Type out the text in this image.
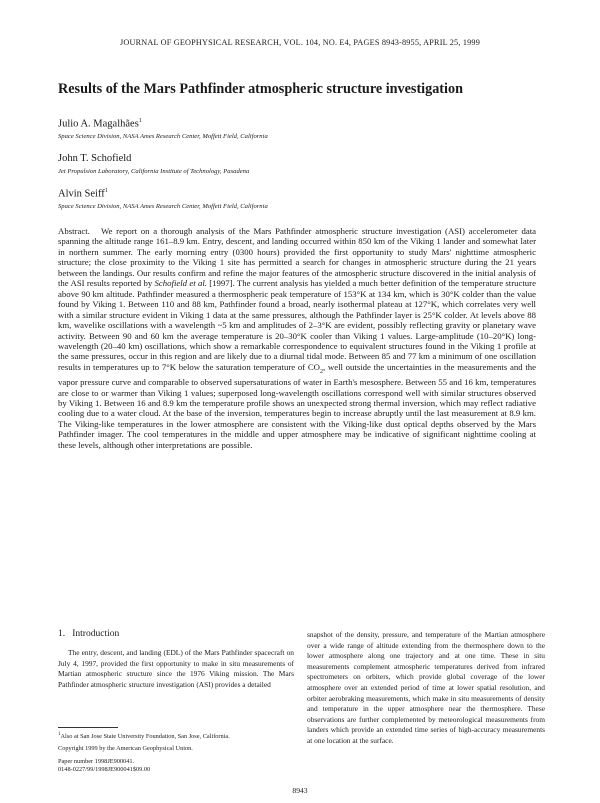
JOURNAL OF GEOPHYSICAL RESEARCH, VOL. 104, NO. E4, PAGES 8943-8955, APRIL 25, 1999
Results of the Mars Pathfinder atmospheric structure investigation
Julio A. Magalhães$^1$
Space Science Division, NASA Ames Research Center, Moffett Field, California
John T. Schofield
Jet Propulsion Laboratory, California Institute of Technology, Pasadena
Alvin Seiff$^1$
Space Science Division, NASA Ames Research Center, Moffett Field, California

Abstract. We report on a thorough analysis of the Mars Pathfinder atmospheric structure investigation (ASI) accelerometer data spanning the altitude range 161–8.9 km. Entry, descent, and landing occurred within 850 km of the Viking 1 lander and somewhat later in northern summer. The early morning entry (0300 hours) provided the first opportunity to study Mars' nighttime atmospheric structure; the close proximity to the Viking 1 site has permitted a search for changes in atmospheric structure during the 21 years between the landings. Our results confirm and refine the major features of the atmospheric structure discovered in the initial analysis of the ASI results reported by Schofield et al. [1997]. The current analysis has yielded a much better definition of the temperature structure above 90 km altitude. Pathfinder measured a thermospheric peak temperature of 153°K at 134 km, which is 30°K colder than the value found by Viking 1. Between 110 and 88 km, Pathfinder found a broad, nearly isothermal plateau at 127°K, which correlates very well with a similar structure evident in Viking 1 data at the same pressures, although the Pathfinder layer is 25°K colder. At levels above 88 km, wavelike oscillations with a wavelength ~5 km and amplitudes of 2–3°K are evident, possibly reflecting gravity or planetary wave activity. Between 90 and 60 km the average temperature is 20–30°K cooler than Viking 1 values. Large-amplitude (10–20°K) long-wavelength (20–40 km) oscillations, which show a remarkable correspondence to equivalent structures found in the Viking 1 profile at the same pressures, occur in this region and are likely due to a diurnal tidal mode. Between 85 and 77 km a minimum of one oscillation results in temperatures up to 7°K below the saturation temperature of $CO_2$, well outside the uncertainties in the measurements and the vapor pressure curve and comparable to observed supersaturations of water in Earth's mesosphere. Between 55 and 16 km, temperatures are close to or warmer than Viking 1 values; superposed long-wavelength oscillations correspond well with similar structures observed by Viking 1. Between 16 and 8.9 km the temperature profile shows an unexpected strong thermal inversion, which may reflect radiative cooling due to a water cloud. At the base of the inversion, temperatures begin to increase abruptly until the last measurement at 8.9 km. The Viking-like temperatures in the lower atmosphere are consistent with the Viking-like dust optical depths observed by the Mars Pathfinder imager. The cool temperatures in the middle and upper atmosphere may be indicative of significant nighttime cooling at these levels, although other interpretations are possible.

1. Introduction

The entry, descent, and landing (EDL) of the Mars Pathfinder spacecraft on July 4, 1997, provided the first opportunity to make in situ measurements of Martian atmospheric structure since the 1976 Viking mission. The Mars Pathfinder atmospheric structure investigation (ASI) provides a detailed

snapshot of the density, pressure, and temperature of the Martian atmosphere over a wide range of altitude extending from the thermosphere down to the lower atmosphere along one trajectory and at one time. These in situ measurements complement atmospheric temperatures derived from infrared spectrometers on orbiters, which provide global coverage of the lower atmosphere over an extended period of time at lower spatial resolution, and orbiter aerobraking measurements, which make in situ measurements of density and temperature in the upper atmosphere near the thermosphere. These observations are further complemented by meteorological measurements from landers which provide an extended time series of high-accuracy measurements at one location at the surface.

$^1$Also at San Jose State University Foundation, San Jose, California.
Copyright 1999 by the American Geophysical Union.
Paper number 1998JE900041.
0148-0227/99/1998JE900041$09.00
8943
